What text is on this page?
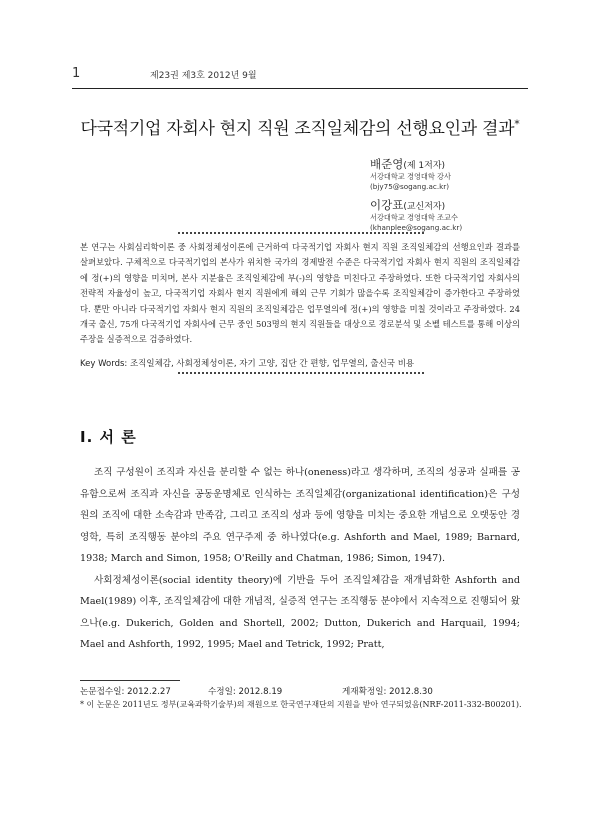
1	제23권 제3호 2012년 9월
다국적기업 자회사 현지 직원 조직일체감의 선행요인과 결과*
배준영(제 1저자)
서강대학교 경영대학 강사
(bjy75@sogang.ac.kr)
이강표(교신저자)
서강대학교 경영대학 조교수
(khanplee@sogang.ac.kr)
본 연구는 사회심리학이론 중 사회정체성이론에 근거하여 다국적기업 자회사 현지 직원 조직일체감의 선행요인과 결과를 살펴보았다. 구체적으로 다국적기업의 본사가 위치한 국가의 경제발전 수준은 다국적기업 자회사 현지 직원의 조직일체감에 정(+)의 영향을 미치며, 본사 지분율은 조직일체감에 부(-)의 영향을 미친다고 주장하였다. 또한 다국적기업 자회사의 전략적 자율성이 높고, 다국적기업 자회사 현지 직원에게 해외 근무 기회가 많을수록 조직일체감이 증가한다고 주장하였다. 뿐만 아니라 다국적기업 자회사 현지 직원의 조직일체감은 업무열의에 정(+)의 영향을 미칠 것이라고 주장하였다. 24개국 출신, 75개 다국적기업 자회사에 근무 중인 503명의 현지 직원들을 대상으로 경로분석 및 소벨 테스트를 통해 이상의 주장을 실증적으로 검증하였다.
Key Words: 조직일체감, 사회정체성이론, 자기 고양, 집단 간 편향, 업무열의, 출신국 비용
Ⅰ. 서 론

조직 구성원이 조직과 자신을 분리할 수 없는 하나(oneness)라고 생각하며, 조직의 성공과 실패를 공유함으로써 조직과 자신을 공동운명체로 인식하는 조직일체감(organizational identification)은 구성원의 조직에 대한 소속감과 만족감, 그리고 조직의 성과 등에 영향을 미치는 중요한 개념으로 오랫동안 경영학, 특히 조직행동 분야의 주요 연구주제 중 하나였다(e.g. Ashforth and Mael, 1989; Barnard, 1938; March and Simon, 1958; O'Reilly and Chatman, 1986; Simon, 1947).

사회정체성이론(social identity theory)에 기반을 두어 조직일체감을 재개념화한 Ashforth and Mael(1989) 이후, 조직일체감에 대한 개념적, 실증적 연구는 조직행동 분야에서 지속적으로 진행되어 왔으나(e.g. Dukerich, Golden and Shortell, 2002; Dutton, Dukerich and Harquail, 1994; Mael and Ashforth, 1992, 1995; Mael and Tetrick, 1992; Pratt,

논문접수일: 2012.2.27	수정일: 2012.8.19	게재확정일: 2012.8.30
* 이 논문은 2011년도 정부(교육과학기술부)의 재원으로 한국연구재단의 지원을 받아 연구되었음(NRF-2011-332-B00201).
